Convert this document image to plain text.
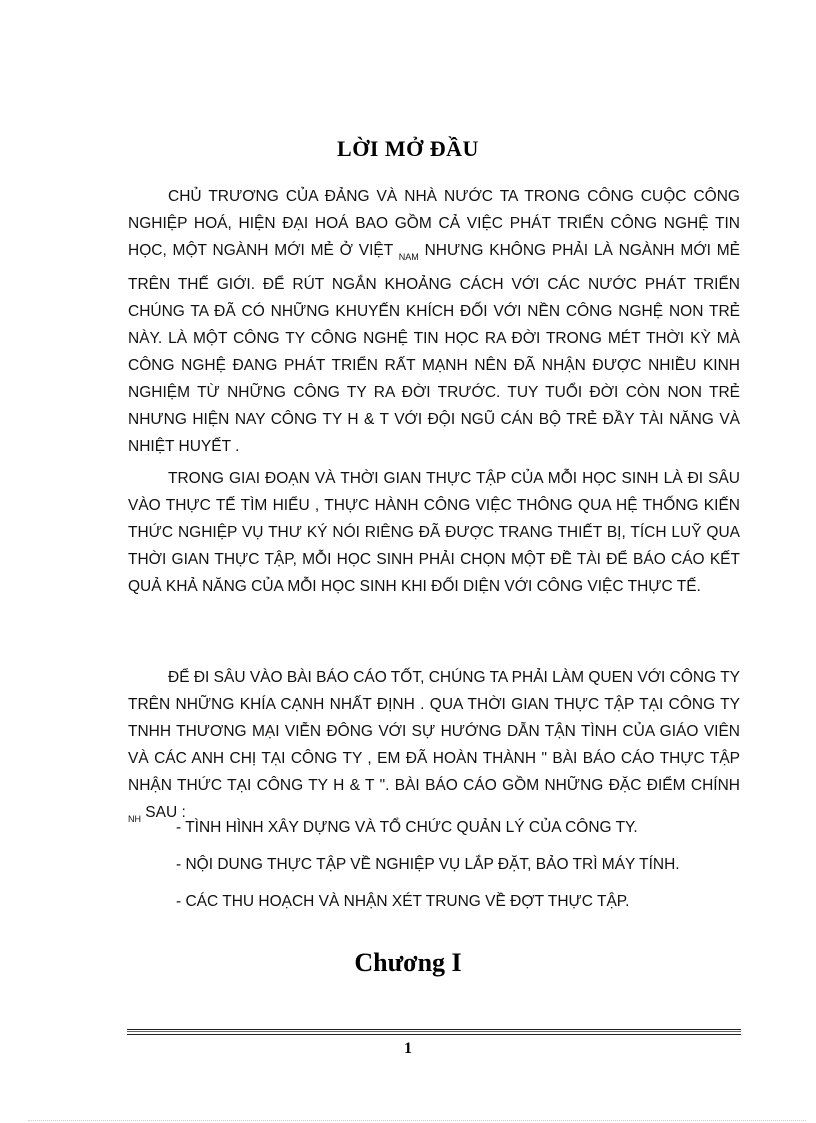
LỜI MỞ ĐẦU

CHỦ TRƯƠNG CỦA ĐẢNG VÀ NHÀ NƯỚC TA TRONG CÔNG CUỘC CÔNG NGHIỆP HOÁ, HIỆN ĐẠI HOÁ BAO GỒM CẢ VIỆC PHÁT TRIỂN CÔNG NGHỆ TIN HỌC, MỘT NGÀNH MỚI MẺ Ở VIỆT $_{NAM}$ NHƯNG KHÔNG PHẢI LÀ NGÀNH MỚI MẺ TRÊN THẾ GIỚI. ĐỂ RÚT NGẮN KHOẢNG CÁCH VỚI CÁC NƯỚC PHÁT TRIỂN CHÚNG TA ĐÃ CÓ NHỮNG KHUYẾN KHÍCH ĐỐI VỚI NỀN CÔNG NGHỆ NON TRẺ NÀY. LÀ MỘT CÔNG TY CÔNG NGHỆ TIN HỌC RA ĐỜI TRONG MÉT THỜI KỲ MÀ CÔNG NGHỆ ĐANG PHÁT TRIỂN RẤT MẠNH NÊN ĐÃ NHẬN ĐƯỢC NHIỀU KINH NGHIỆM TỪ NHỮNG CÔNG TY RA ĐỜI TRƯỚC. TUY TUỔI ĐỜI CÒN NON TRẺ NHƯNG HIỆN NAY CÔNG TY H & T VỚI ĐỘI NGŨ CÁN BỘ TRẺ ĐẦY TÀI NĂNG VÀ NHIỆT HUYẾT .

TRONG GIAI ĐOẠN VÀ THỜI GIAN THỰC TẬP CỦA MỖI HỌC SINH LÀ ĐI SÂU VÀO THỰC TẾ TÌM HIỂU , THỰC HÀNH CÔNG VIỆC THÔNG QUA HỆ THỐNG KIẾN THỨC NGHIỆP VỤ THƯ KÝ NÓI RIÊNG ĐÃ ĐƯỢC TRANG THIẾT BỊ, TÍCH LUỸ QUA THỜI GIAN THỰC TẬP, MỖI HỌC SINH PHẢI CHỌN MỘT ĐỀ TÀI ĐỂ BÁO CÁO KẾT QUẢ KHẢ NĂNG CỦA MỖI HỌC SINH KHI ĐỐI DIỆN VỚI CÔNG VIỆC THỰC TẾ.

ĐỂ ĐI SÂU VÀO BÀI BÁO CÁO TỐT, CHÚNG TA PHẢI LÀM QUEN VỚI CÔNG TY TRÊN NHỮNG KHÍA CẠNH NHẤT ĐỊNH . QUA THỜI GIAN THỰC TẬP TẠI CÔNG TY TNHH THƯƠNG MẠI VIỄN ĐÔNG VỚI SỰ HƯỚNG DẪN TẬN TÌNH CỦA GIÁO VIÊN VÀ CÁC ANH CHỊ TẠI CÔNG TY , EM ĐÃ HOÀN THÀNH " BÀI BÁO CÁO THỰC TẬP NHẬN THỨC TẠI CÔNG TY H & T ". BÀI BÁO CÁO GỒM NHỮNG ĐẶC ĐIỂM CHÍNH $_{NH}$ SAU :

- TÌNH HÌNH XÂY DỰNG VÀ TỔ CHỨC QUẢN LÝ CỦA CÔNG TY.
- NỘI DUNG THỰC TẬP VỀ NGHIỆP VỤ LẮP ĐẶT, BẢO TRÌ MÁY TÍNH.
- CÁC THU HOẠCH VÀ NHẬN XÉT TRUNG VỀ ĐỢT THỰC TẬP.
Chương I
1
